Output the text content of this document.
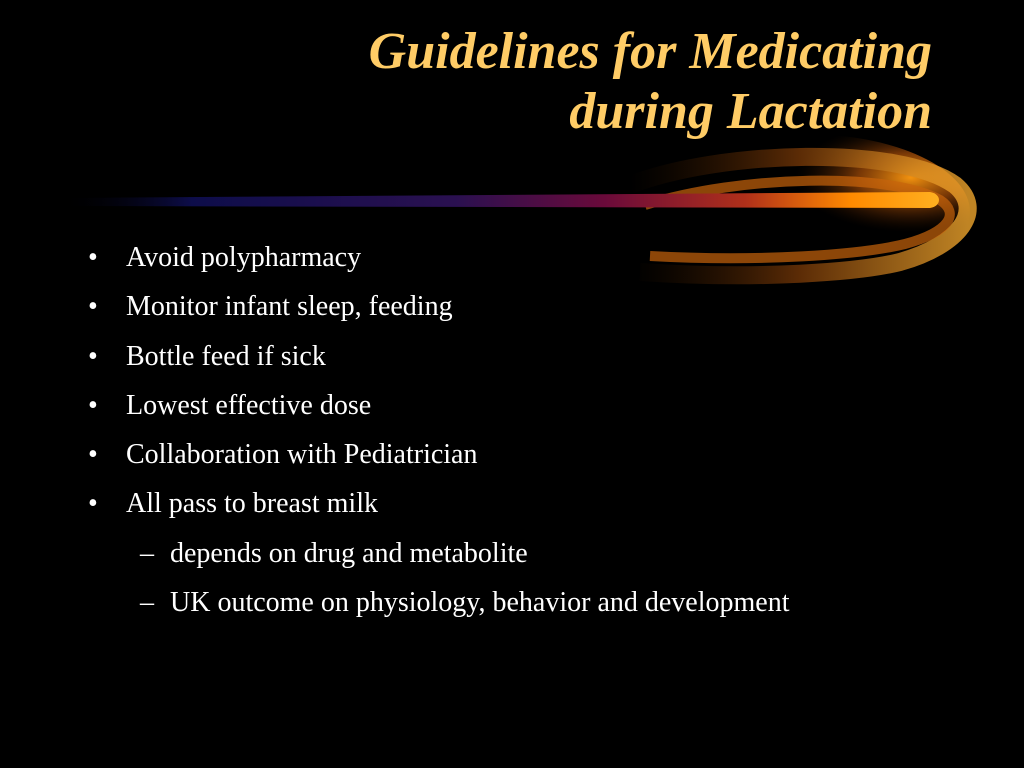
Guidelines for Medicating
during Lactation
•	Avoid polypharmacy
•	Monitor infant sleep, feeding
•	Bottle feed if sick
•	Lowest effective dose
•	Collaboration with Pediatrician
•	All pass to breast milk
– depends on drug and metabolite
– UK outcome on physiology, behavior and development
